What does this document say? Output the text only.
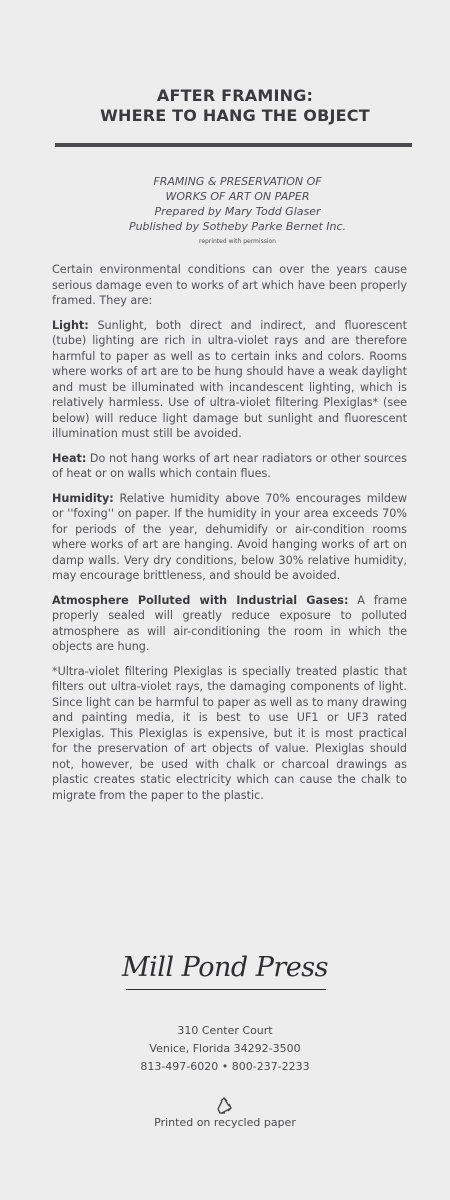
AFTER FRAMING:
WHERE TO HANG THE OBJECT
FRAMING & PRESERVATION OF
WORKS OF ART ON PAPER
Prepared by Mary Todd Glaser
Published by Sotheby Parke Bernet Inc.
reprinted with permission

Certain environmental conditions can over the years cause serious damage even to works of art which have been properly framed. They are:

Light: Sunlight, both direct and indirect, and fluorescent (tube) lighting are rich in ultra-violet rays and are therefore harmful to paper as well as to certain inks and colors. Rooms where works of art are to be hung should have a weak daylight and must be illuminated with incandescent lighting, which is relatively harmless. Use of ultra-violet filtering Plexiglas* (see below) will reduce light damage but sunlight and fluorescent illumination must still be avoided.

Heat: Do not hang works of art near radiators or other sources of heat or on walls which contain flues.

Humidity: Relative humidity above 70% encourages mildew or ''foxing'' on paper. If the humidity in your area exceeds 70% for periods of the year, dehumidify or air-condition rooms where works of art are hanging. Avoid hanging works of art on damp walls. Very dry conditions, below 30% relative humidity, may encourage brittleness, and should be avoided.

Atmosphere Polluted with Industrial Gases: A frame properly sealed will greatly reduce exposure to polluted atmosphere as will air-conditioning the room in which the objects are hung.

*Ultra-violet filtering Plexiglas is specially treated plastic that filters out ultra-violet rays, the damaging components of light. Since light can be harmful to paper as well as to many drawing and painting media, it is best to use UF1 or UF3 rated Plexiglas. This Plexiglas is expensive, but it is most practical for the preservation of art objects of value. Plexiglas should not, however, be used with chalk or charcoal drawings as plastic creates static electricity which can cause the chalk to migrate from the paper to the plastic.

Mill Pond Press
310 Center Court
Venice, Florida 34292-3500
813-497-6020 • 800-237-2233
Printed on recycled paper
